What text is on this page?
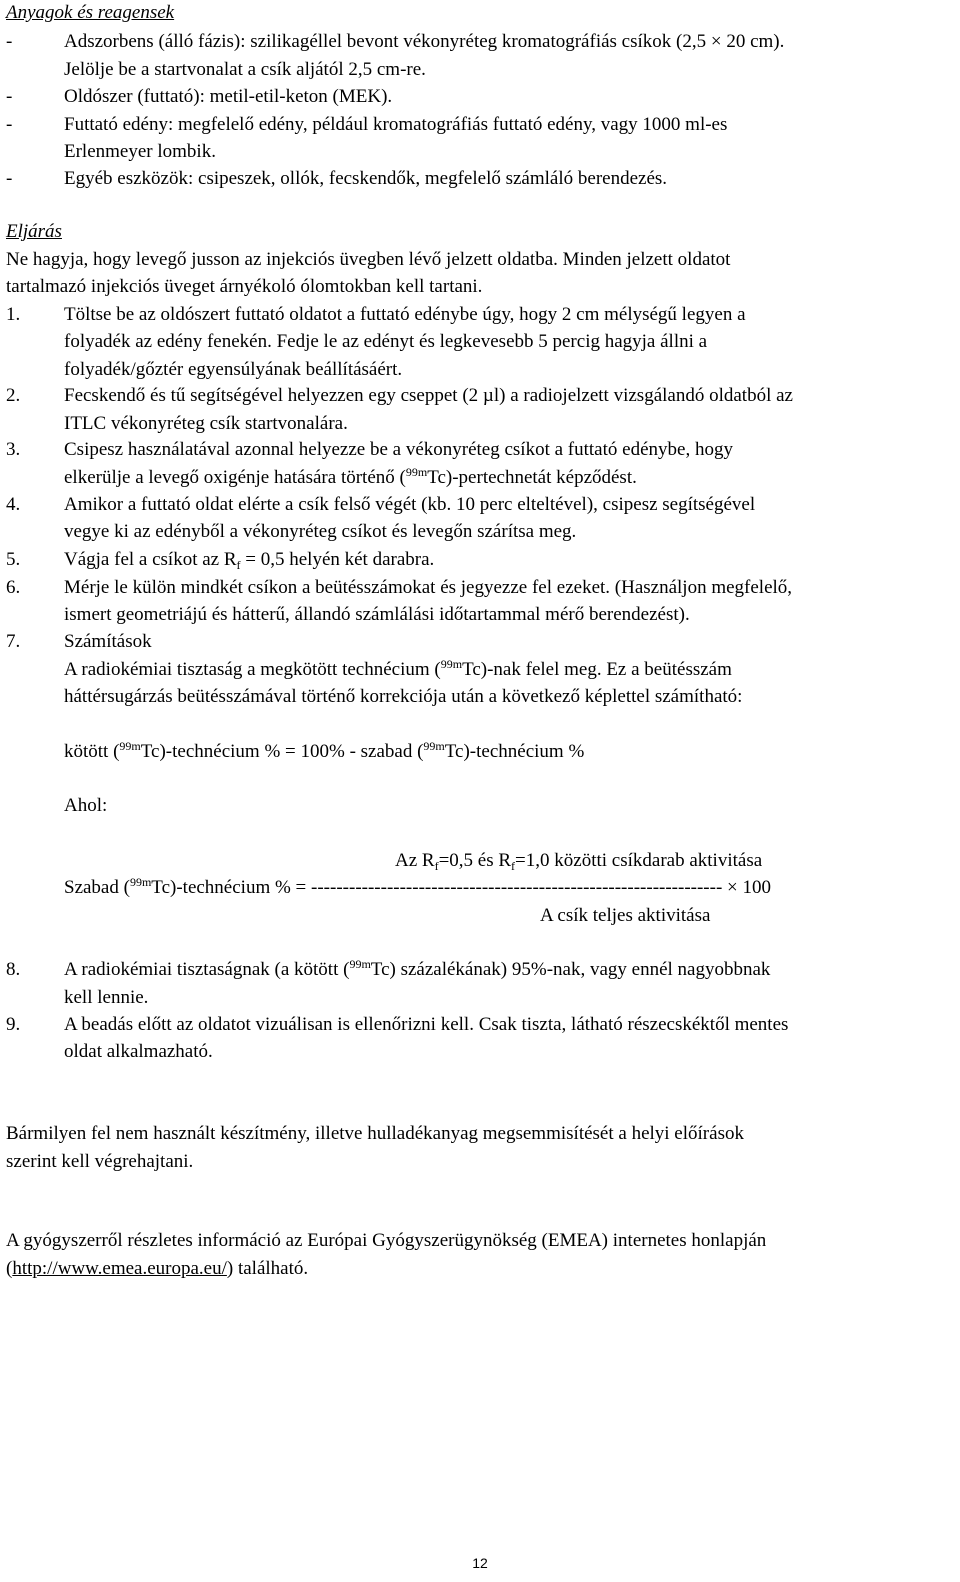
Anyagok és reagensek
-	Adszorbens (álló fázis): szilikagéllel bevont vékonyréteg kromatográfiás csíkok (2,5 × 20 cm).
Jelölje be a startvonalat a csík aljától 2,5 cm-re.
-	Oldószer (futtató): metil-etil-keton (MEK).
-	Futtató edény: megfelelő edény, például kromatográfiás futtató edény, vagy 1000 ml-es
Erlenmeyer lombik.
-	Egyéb eszközök: csipeszek, ollók, fecskendők, megfelelő számláló berendezés.
Eljárás
Ne hagyja, hogy levegő jusson az injekciós üvegben lévő jelzett oldatba. Minden jelzett oldatot
tartalmazó injekciós üveget árnyékoló ólomtokban kell tartani.
1. Töltse be az oldószert futtató oldatot a futtató edénybe úgy, hogy 2 cm mélységű legyen a
folyadék az edény fenekén. Fedje le az edényt és legkevesebb 5 percig hagyja állni a
folyadék/gőztér egyensúlyának beállításáért.
2. Fecskendő és tű segítségével helyezzen egy cseppet (2 µl) a radiojelzett vizsgálandó oldatból az
ITLC vékonyréteg csík startvonalára.
3. Csipesz használatával azonnal helyezze be a vékonyréteg csíkot a futtató edénybe, hogy
elkerülje a levegő oxigénje hatására történő ($^{99m}$Tc)-pertechnetát képződést.
4. Amikor a futtató oldat elérte a csík felső végét (kb. 10 perc elteltével), csipesz segítségével
vegye ki az edényből a vékonyréteg csíkot és levegőn szárítsa meg.
5. Vágja fel a csíkot az $R_f = 0,5$ helyén két darabra.
6. Mérje le külön mindkét csíkon a beütésszámokat és jegyezze fel ezeket. (Használjon megfelelő,
ismert geometriájú és hátterű, állandó számlálási időtartammal mérő berendezést).
7. Számítások
A radiokémiai tisztaság a megkötött technécium ($^{99m}$Tc)-nak felel meg. Ez a beütésszám
háttérsugárzás beütésszámával történő korrekciója után a következő képlettel számítható:
kötött ($^{99m}$Tc)-technécium % = 100% - szabad ($^{99m}$Tc)-technécium %
Ahol:
Az $R_f=0,5$ és $R_f=1,0$ közötti csíkdarab aktivitása
Szabad ($^{99m}$Tc)-technécium % = ----------------------------------------------------------------- × 100
A csík teljes aktivitása
8. A radiokémiai tisztaságnak (a kötött ($^{99m}$Tc) százalékának) 95%-nak, vagy ennél nagyobbnak
kell lennie.
9. A beadás előtt az oldatot vizuálisan is ellenőrizni kell. Csak tiszta, látható részecskéktől mentes
oldat alkalmazható.
Bármilyen fel nem használt készítmény, illetve hulladékanyag megsemmisítését a helyi előírások
szerint kell végrehajtani.
A gyógyszerről részletes információ az Európai Gyógyszerügynökség (EMEA) internetes honlapján
(http://www.emea.europa.eu/) található.
12
